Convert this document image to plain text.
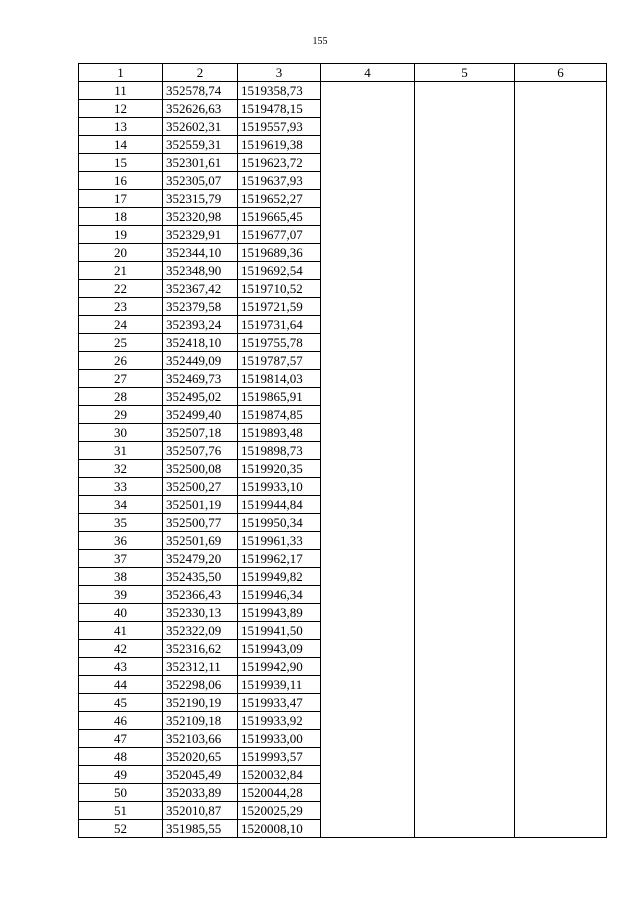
155
1	2	3	4	5	6
11	352578,74	1519358,73			
12	352626,63	1519478,15			
13	352602,31	1519557,93			
14	352559,31	1519619,38			
15	352301,61	1519623,72			
16	352305,07	1519637,93			
17	352315,79	1519652,27			
18	352320,98	1519665,45			
19	352329,91	1519677,07			
20	352344,10	1519689,36			
21	352348,90	1519692,54			
22	352367,42	1519710,52			
23	352379,58	1519721,59			
24	352393,24	1519731,64			
25	352418,10	1519755,78			
26	352449,09	1519787,57			
27	352469,73	1519814,03			
28	352495,02	1519865,91			
29	352499,40	1519874,85			
30	352507,18	1519893,48			
31	352507,76	1519898,73			
32	352500,08	1519920,35			
33	352500,27	1519933,10			
34	352501,19	1519944,84			
35	352500,77	1519950,34			
36	352501,69	1519961,33			
37	352479,20	1519962,17			
38	352435,50	1519949,82			
39	352366,43	1519946,34			
40	352330,13	1519943,89			
41	352322,09	1519941,50			
42	352316,62	1519943,09			
43	352312,11	1519942,90			
44	352298,06	1519939,11			
45	352190,19	1519933,47			
46	352109,18	1519933,92			
47	352103,66	1519933,00			
48	352020,65	1519993,57			
49	352045,49	1520032,84			
50	352033,89	1520044,28			
51	352010,87	1520025,29			
52	351985,55	1520008,10			
